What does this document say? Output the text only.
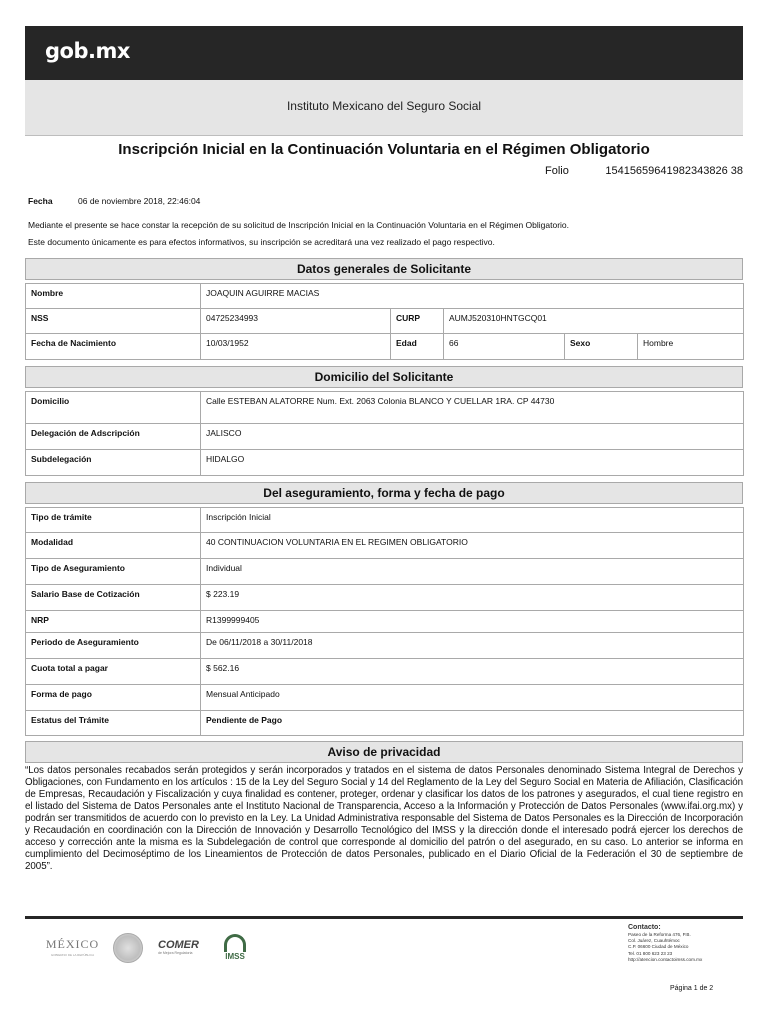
gob.mx
Instituto Mexicano del Seguro Social
Inscripción Inicial en la Continuación Voluntaria en el Régimen Obligatorio
Folio	15415659641982343826 38
Fecha	06 de noviembre 2018, 22:46:04
Mediante el presente se hace constar la recepción de su solicitud de Inscripción Inicial en la Continuación Voluntaria en el Régimen Obligatorio.
Este documento únicamente es para efectos informativos, su inscripción se acreditará una vez realizado el pago respectivo.
Datos generales de Solicitante
Nombre	JOAQUIN AGUIRRE MACIAS				
NSS	04725234993	CURP	AUMJ520310HNTGCQ01		
Fecha de Nacimiento	10/03/1952	Edad	66	Sexo	Hombre
Domicilio del Solicitante
Domicilio	Calle ESTEBAN ALATORRE Num. Ext. 2063 Colonia BLANCO Y CUELLAR 1RA. CP 44730
Delegación de Adscripción	JALISCO
Subdelegación	HIDALGO
Del aseguramiento, forma y fecha de pago
Tipo de trámite	Inscripción Inicial
Modalidad	40 CONTINUACION VOLUNTARIA EN EL REGIMEN OBLIGATORIO
Tipo de Aseguramiento	Individual
Salario Base de Cotización	$ 223.19
NRP	R1399999405
Periodo de Aseguramiento	De 06/11/2018 a 30/11/2018
Cuota total a pagar	$ 562.16
Forma de pago	Mensual Anticipado
Estatus del Trámite	Pendiente de Pago
Aviso de privacidad
“Los datos personales recabados serán protegidos y serán incorporados y tratados en el sistema de datos Personales denominado Sistema Integral de Derechos y Obligaciones, con Fundamento en los artículos : 15 de la Ley del Seguro Social y 14 del Reglamento de la Ley del Seguro Social en Materia de Afiliación, Clasificación de Empresas, Recaudación y Fiscalización y cuya finalidad es contener, proteger, ordenar y clasificar los datos de los patrones y asegurados, el cual tiene registro en el listado del Sistema de Datos Personales ante el Instituto Nacional de Transparencia, Acceso a la Información y Protección de Datos Personales (www.ifai.org.mx) y podrán ser transmitidos de acuerdo con lo previsto en la Ley. La Unidad Administrativa responsable del Sistema de Datos Personales es la Dirección de Incorporación y Recaudación en coordinación con la Dirección de Innovación y Desarrollo Tecnológico del IMSS y la dirección donde el interesado podrá ejercer los derechos de acceso y corrección ante la misma es la Subdelegación de control que corresponde al domicilio del patrón o del asegurado, en su caso. Lo anterior se informa en cumplimiento del Decimoséptimo de los Lineamientos de Protección de datos Personales, publicado en el Diario Oficial de la Federación el 30 de septiembre de 2005”.
MÉXICO
GOBIERNO DE LA REPÚBLICA
COMER
de Mejora Regulatoria	IMSS
Contacto:
Paseo de la Reforma 476, P.B.
Col. Juárez, Cuauhtémoc
C.P. 06600 Ciudad de México
Tel. 01 800 623 23 23
http://atencion.contactoimss.com.mx
Página 1 de 2
